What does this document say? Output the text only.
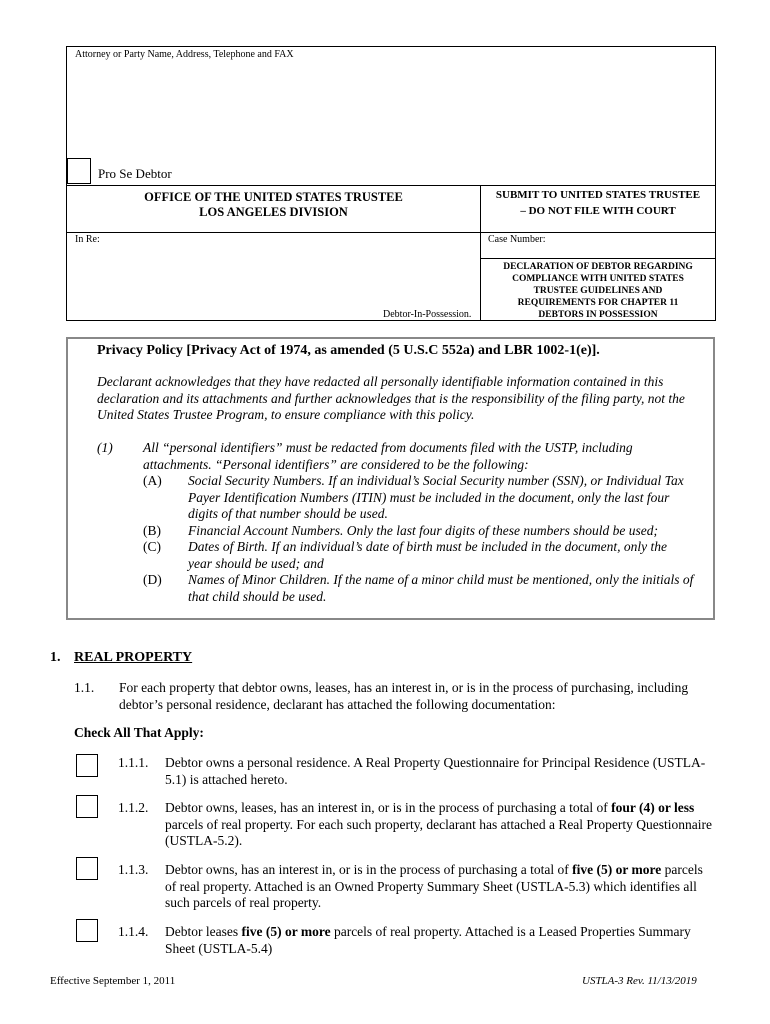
Attorney or Party Name, Address, Telephone and FAX
Pro Se Debtor
OFFICE OF THE UNITED STATES TRUSTEE
LOS ANGELES DIVISION
SUBMIT TO UNITED STATES TRUSTEE
– DO NOT FILE WITH COURT
In Re:
Debtor-In-Possession.
Case Number:
DECLARATION OF DEBTOR REGARDING
COMPLIANCE WITH UNITED STATES
TRUSTEE GUIDELINES AND
REQUIREMENTS FOR CHAPTER 11
DEBTORS IN POSSESSION
Privacy Policy [Privacy Act of 1974, as amended (5 U.S.C 552a) and LBR 1002-1(e)].
Declarant acknowledges that they have redacted all personally identifiable information contained in this
declaration and its attachments and further acknowledges that is the responsibility of the filing party, not the
United States Trustee Program, to ensure compliance with this policy.
(1) All “personal identifiers” must be redacted from documents filed with the USTP, including
attachments. “Personal identifiers” are considered to be the following:
(A) Social Security Numbers. If an individual’s Social Security number (SSN), or Individual Tax
Payer Identification Numbers (ITIN) must be included in the document, only the last four
digits of that number should be used.
(B) Financial Account Numbers. Only the last four digits of these numbers should be used;
(C) Dates of Birth. If an individual’s date of birth must be included in the document, only the
year should be used; and
(D) Names of Minor Children. If the name of a minor child must be mentioned, only the initials of
that child should be used.
1. REAL PROPERTY
1.1. For each property that debtor owns, leases, has an interest in, or is in the process of purchasing, including
debtor’s personal residence, declarant has attached the following documentation:
Check All That Apply:
1.1.1. Debtor owns a personal residence. A Real Property Questionnaire for Principal Residence (USTLA-
5.1) is attached hereto.
1.1.2. Debtor owns, leases, has an interest in, or is in the process of purchasing a total of four (4) or less
parcels of real property. For each such property, declarant has attached a Real Property Questionnaire
(USTLA-5.2).
1.1.3. Debtor owns, has an interest in, or is in the process of purchasing a total of five (5) or more parcels
of real property. Attached is an Owned Property Summary Sheet (USTLA-5.3) which identifies all
such parcels of real property.
1.1.4. Debtor leases five (5) or more parcels of real property. Attached is a Leased Properties Summary
Sheet (USTLA-5.4)
Effective September 1, 2011	USTLA-3 Rev. 11/13/2019
